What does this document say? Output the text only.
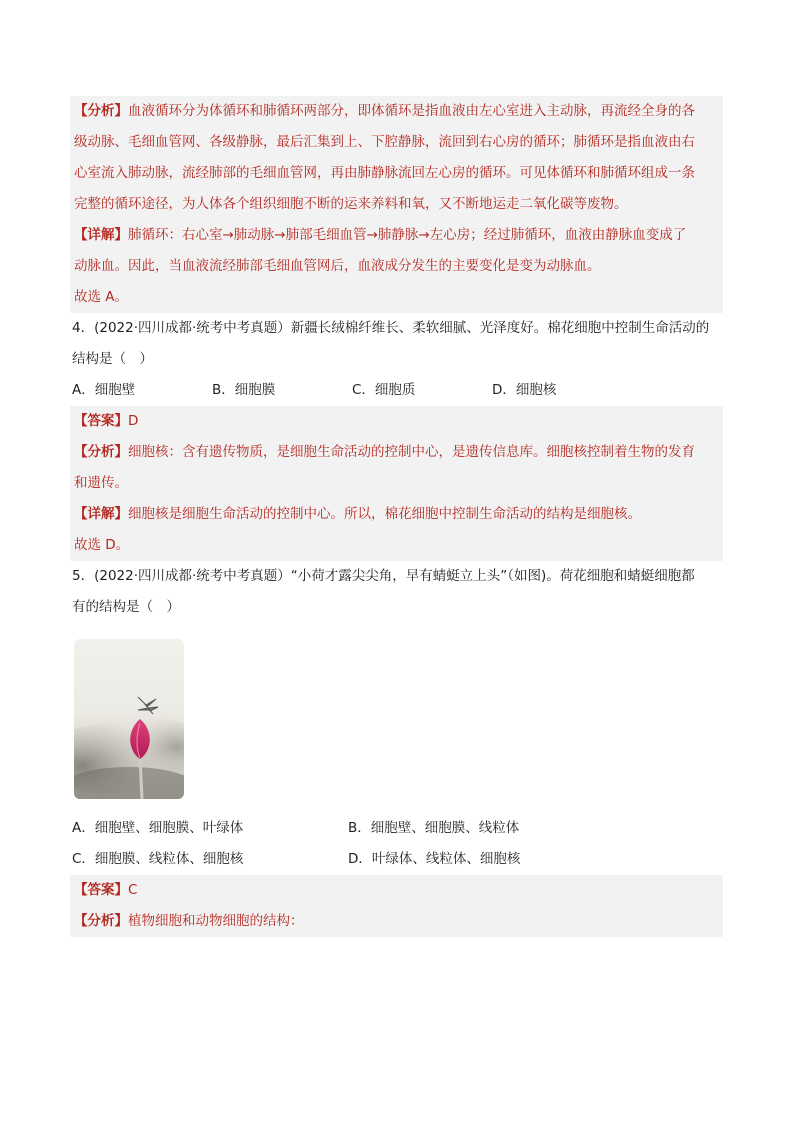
【分析】血液循环分为体循环和肺循环两部分，即体循环是指血液由左心室进入主动脉，再流经全身的各
级动脉、毛细血管网、各级静脉，最后汇集到上、下腔静脉，流回到右心房的循环；肺循环是指血液由右
心室流入肺动脉，流经肺部的毛细血管网，再由肺静脉流回左心房的循环。可见体循环和肺循环组成一条
完整的循环途径，为人体各个组织细胞不断的运来养料和氧，又不断地运走二氧化碳等废物。
【详解】肺循环：右心室→肺动脉→肺部毛细血管→肺静脉→左心房；经过肺循环，血液由静脉血变成了
动脉血。因此，当血液流经肺部毛细血管网后，血液成分发生的主要变化是变为动脉血。
故选 A。
4．(2022·四川成都·统考中考真题）新疆长绒棉纤维长、柔软细腻、光泽度好。棉花细胞中控制生命活动的
结构是（　）
A．细胞壁	B．细胞膜	C．细胞质	D．细胞核
【答案】D
【分析】细胞核：含有遗传物质，是细胞生命活动的控制中心，是遗传信息库。细胞核控制着生物的发育
和遗传。
【详解】细胞核是细胞生命活动的控制中心。所以，棉花细胞中控制生命活动的结构是细胞核。
故选 D。
5．(2022·四川成都·统考中考真题）“小荷才露尖尖角，早有蜻蜓立上头”（如图)。荷花细胞和蜻蜓细胞都
有的结构是（　）
A．细胞壁、细胞膜、叶绿体	B．细胞壁、细胞膜、线粒体
C．细胞膜、线粒体、细胞核	D．叶绿体、线粒体、细胞核
【答案】C
【分析】植物细胞和动物细胞的结构：
